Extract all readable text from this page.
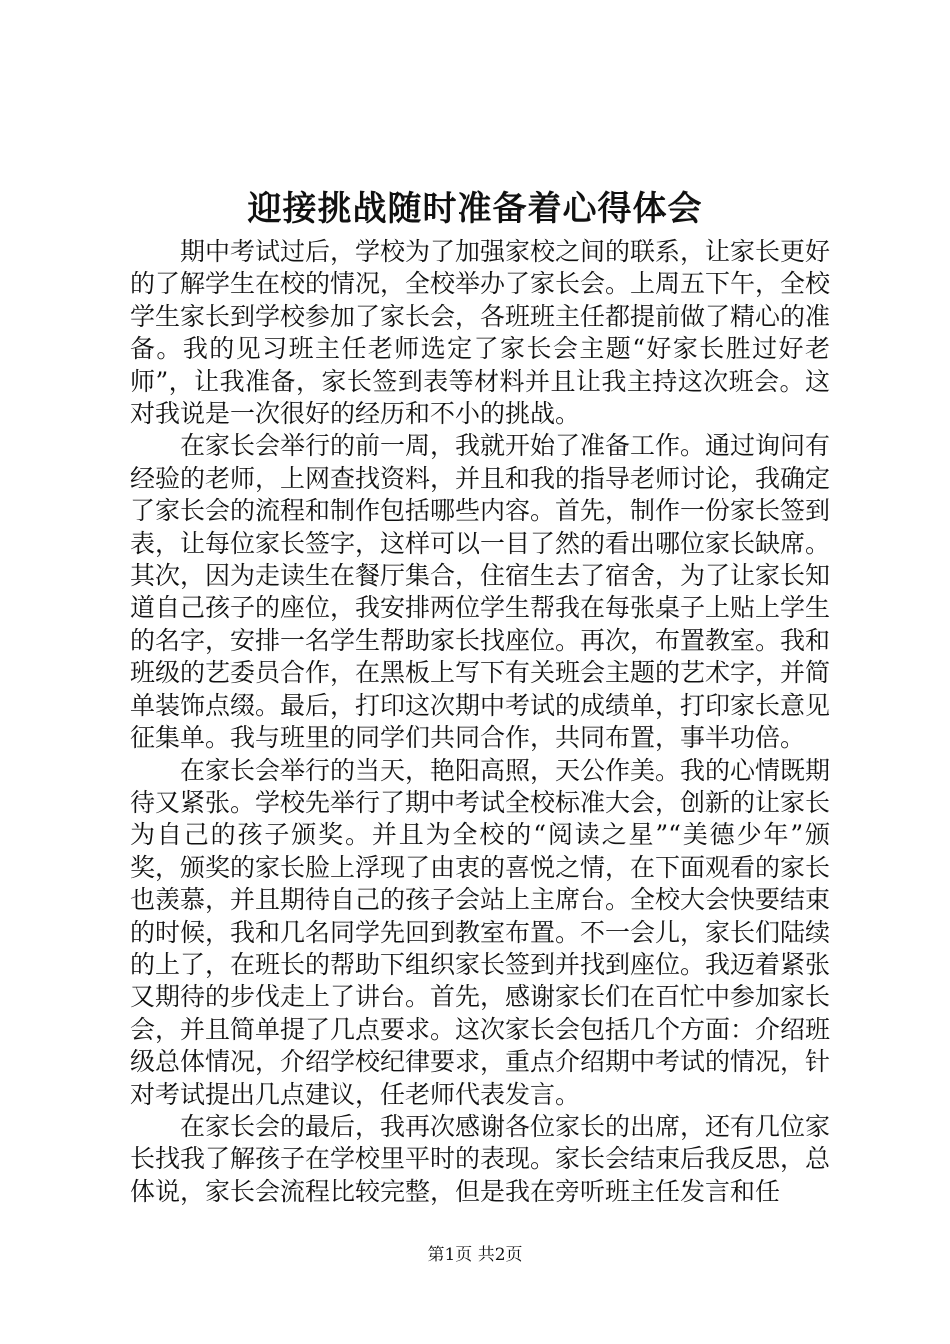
迎接挑战随时准备着心得体会

期中考试过后，学校为了加强家校之间的联系，让家长更好的了解学生在校的情况，全校举办了家长会。上周五下午，全校学生家长到学校参加了家长会，各班班主任都提前做了精心的准备。我的见习班主任老师选定了家长会主题“好家长胜过好老师”，让我准备，家长签到表等材料并且让我主持这次班会。这对我说是一次很好的经历和不小的挑战。

在家长会举行的前一周，我就开始了准备工作。通过询问有经验的老师，上网查找资料，并且和我的指导老师讨论，我确定了家长会的流程和制作包括哪些内容。首先，制作一份家长签到表，让每位家长签字，这样可以一目了然的看出哪位家长缺席。其次，因为走读生在餐厅集合，住宿生去了宿舍，为了让家长知道自己孩子的座位，我安排两位学生帮我在每张桌子上贴上学生的名字，安排一名学生帮助家长找座位。再次，布置教室。我和班级的艺委员合作，在黑板上写下有关班会主题的艺术字，并简单装饰点缀。最后，打印这次期中考试的成绩单，打印家长意见征集单。我与班里的同学们共同合作，共同布置，事半功倍。

在家长会举行的当天，艳阳高照，天公作美。我的心情既期待又紧张。学校先举行了期中考试全校标准大会，创新的让家长为自己的孩子颁奖。并且为全校的“阅读之星”“美德少年”颁奖，颁奖的家长脸上浮现了由衷的喜悦之情，在下面观看的家长也羡慕，并且期待自己的孩子会站上主席台。全校大会快要结束的时候，我和几名同学先回到教室布置。不一会儿，家长们陆续的上了，在班长的帮助下组织家长签到并找到座位。我迈着紧张又期待的步伐走上了讲台。首先，感谢家长们在百忙中参加家长会，并且简单提了几点要求。这次家长会包括几个方面：介绍班级总体情况，介绍学校纪律要求，重点介绍期中考试的情况，针对考试提出几点建议，任老师代表发言。

在家长会的最后，我再次感谢各位家长的出席，还有几位家长找我了解孩子在学校里平时的表现。家长会结束后我反思，总体说，家长会流程比较完整，但是我在旁听班主任发言和任

第1页 共2页
